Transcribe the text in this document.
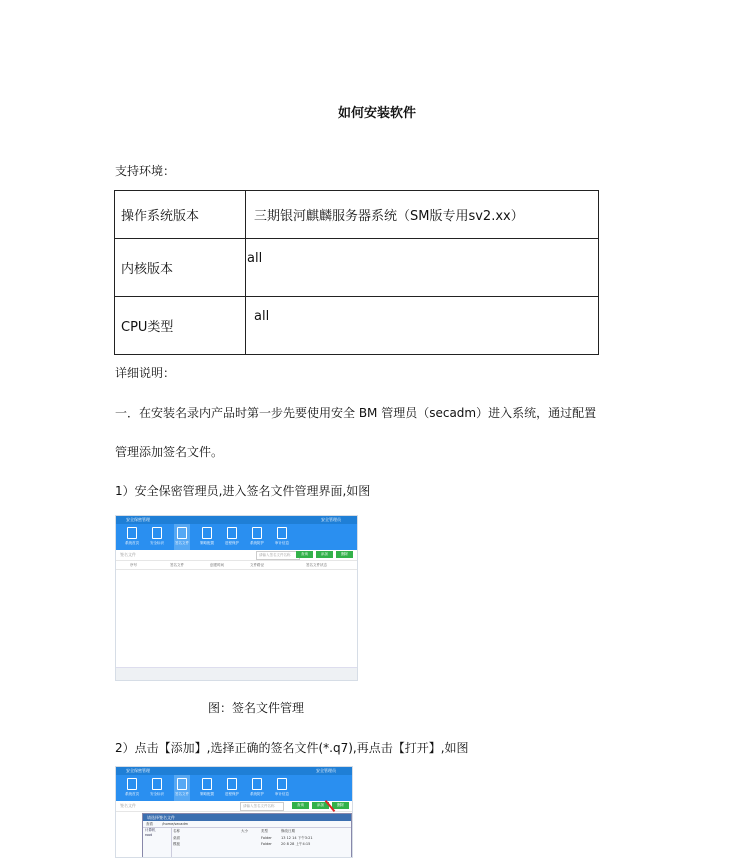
如何安装软件
支持环境：
操作系统版本	三期银河麒麟服务器系统（SM版专用sv2.xx）
内核版本	all
CPU类型	all
详细说明：
一．在安装名录内产品时第一步先要使用安全 BM 管理员（secadm）进入系统，通过配置
管理添加签名文件。
1）安全保密管理员,进入签名文件管理界面,如图
安全保密管理	安全管理员
系统首页	安全标识	签名文件	策略配置	进程保护	系统防护	审计信息
签名文件	请输入签名文件名称	查询	添加	删除
序号	签名文件	创建时间	文件路径	签名文件状态
图：签名文件管理
2）点击【添加】,选择正确的签名文件(*.q7),再点击【打开】,如图
安全保密管理	安全管理员
系统首页	安全标识	签名文件	策略配置	进程保护	系统防护	审计信息
签名文件	请输入签名文件名称	查询	添加	删除
请选择签名文件
查看	/home/secadm
计算机
root
名称	大小	类型	修改日期
桌面	Folder	13 12 14 下午3:21
模板	Folder	20 8 28 上午4:15
